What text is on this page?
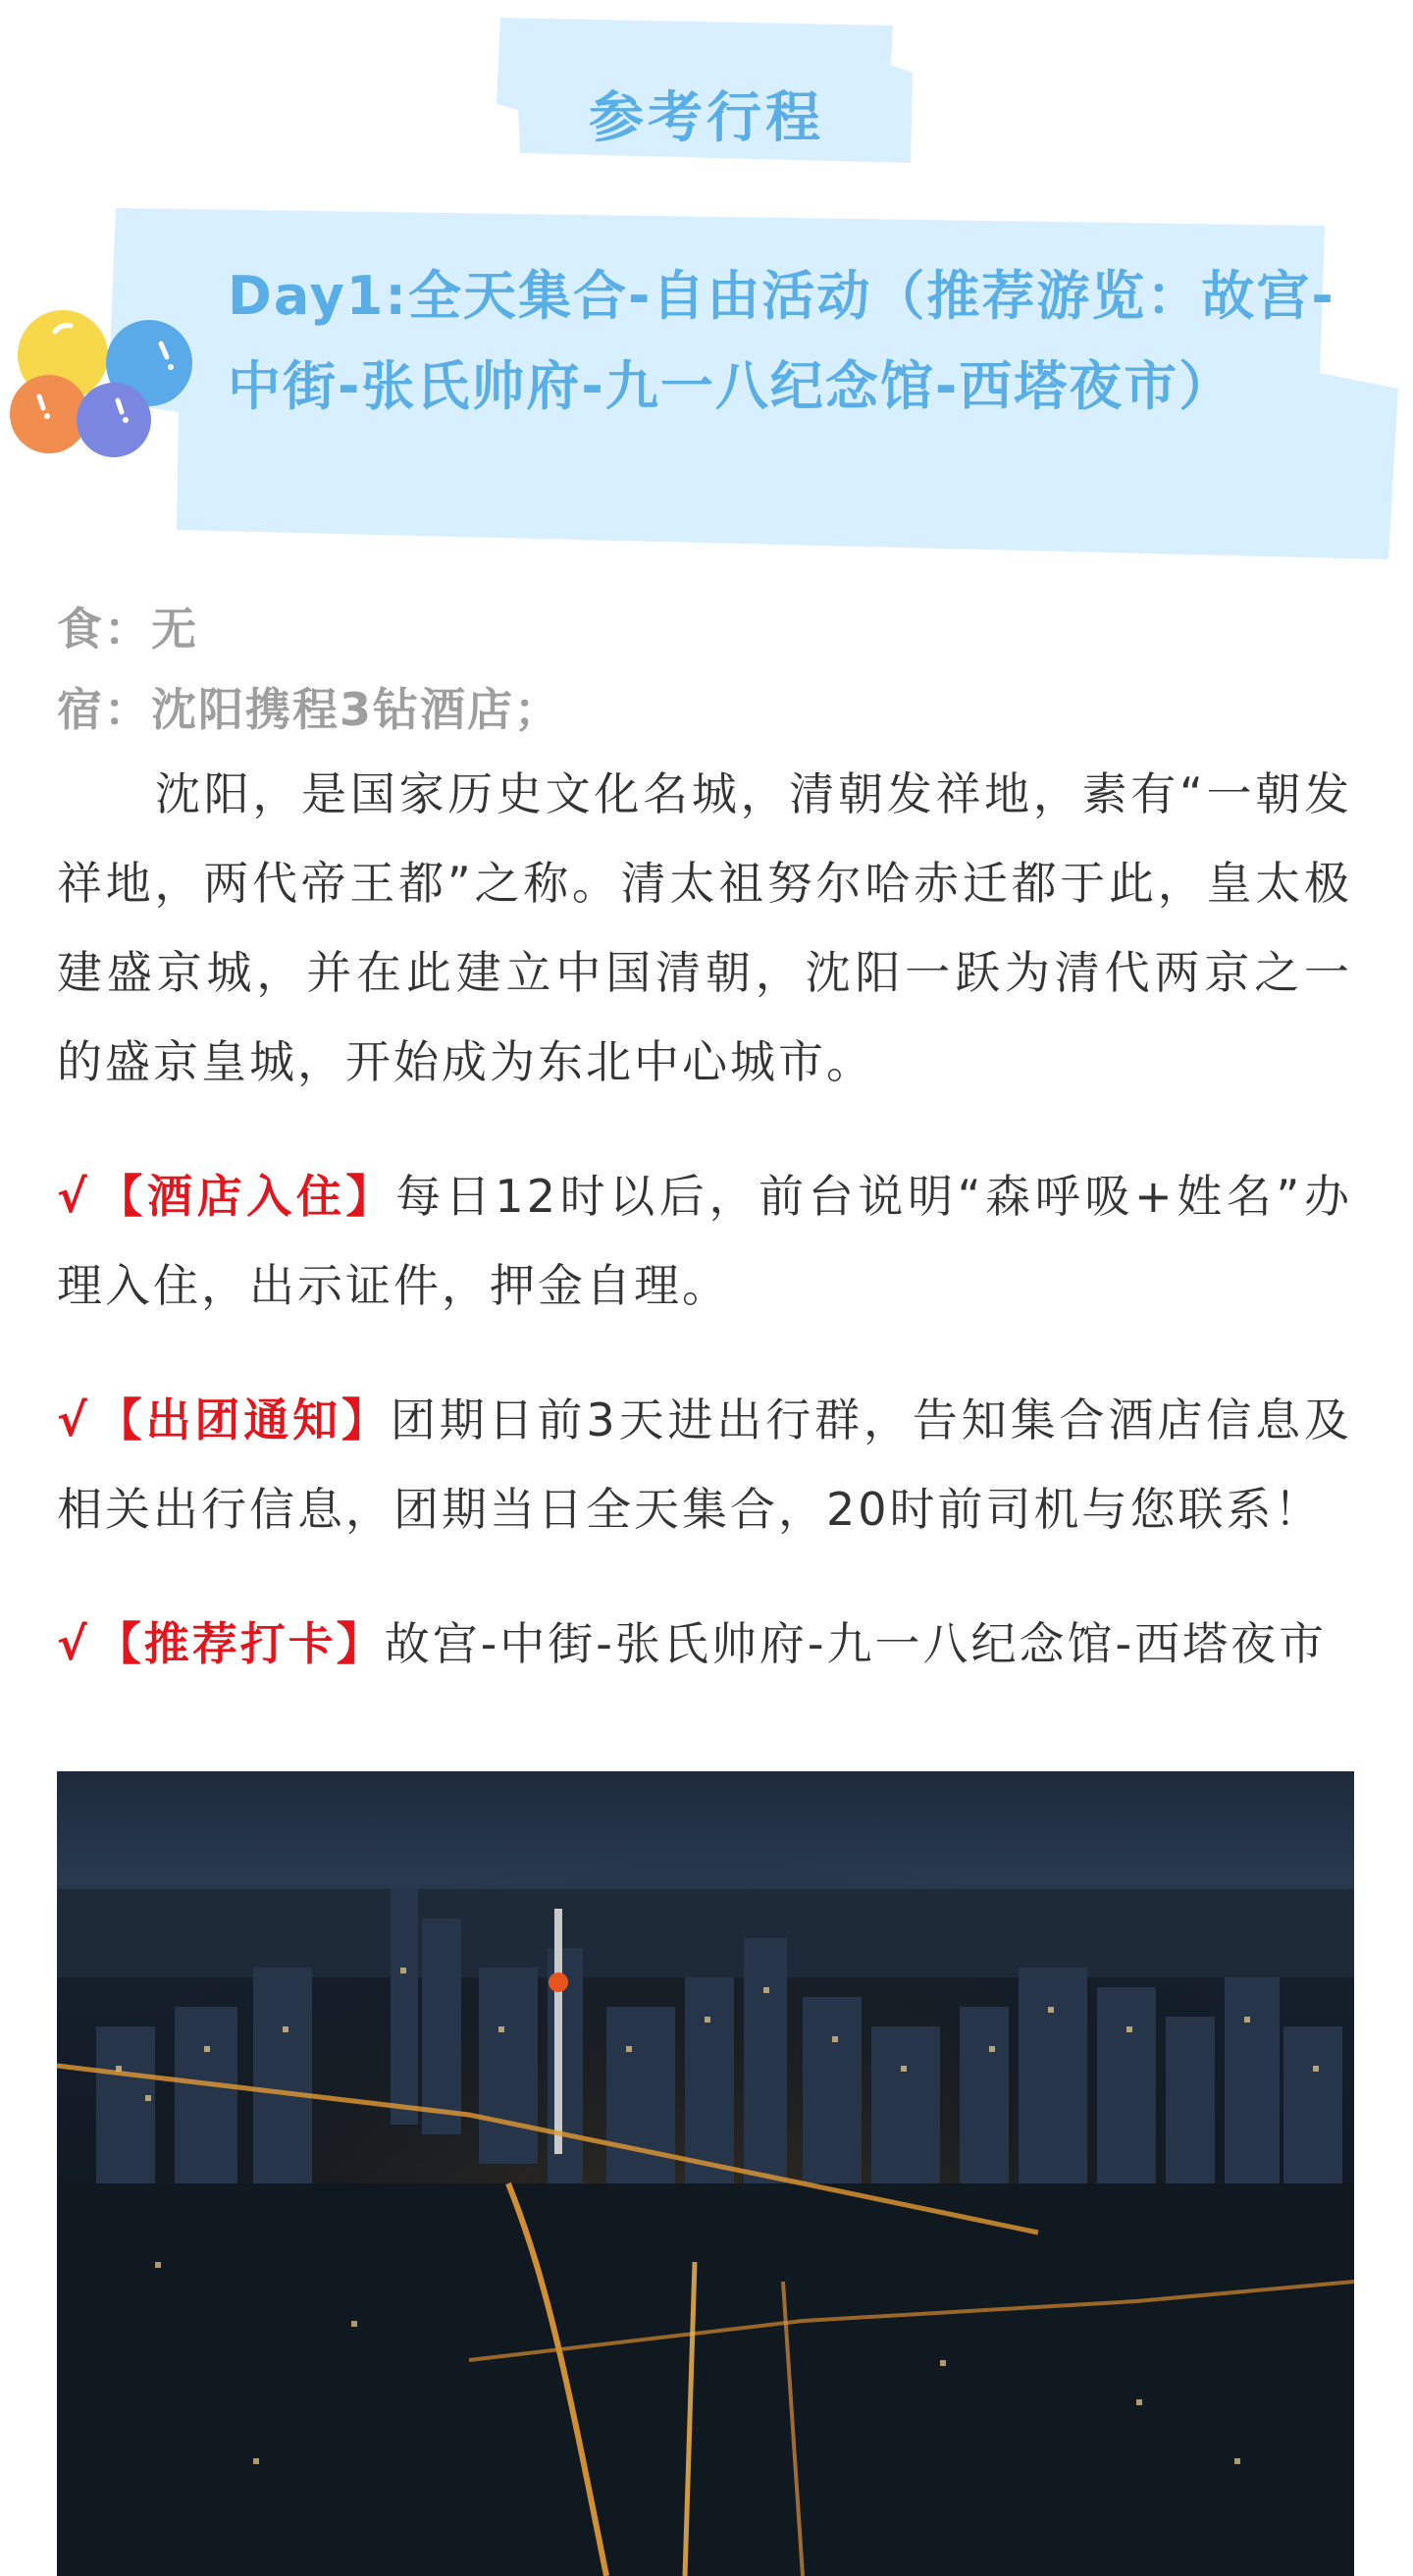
参考行程
Day1:全天集合-自由活动（推荐游览：故宫-中街-张氏帅府-九一八纪念馆-西塔夜市）
食：无
宿：沈阳携程3钻酒店；

沈阳，是国家历史文化名城，清朝发祥地，素有“一朝发祥地，两代帝王都”之称。清太祖努尔哈赤迁都于此，皇太极建盛京城，并在此建立中国清朝，沈阳一跃为清代两京之一的盛京皇城，开始成为东北中心城市。

√ 【酒店入住】每日12时以后，前台说明“森呼吸+姓名”办理入住，出示证件，押金自理。

√ 【出团通知】团期日前3天进出行群，告知集合酒店信息及相关出行信息，团期当日全天集合，20时前司机与您联系！

√ 【推荐打卡】故宫-中街-张氏帅府-九一八纪念馆-西塔夜市
